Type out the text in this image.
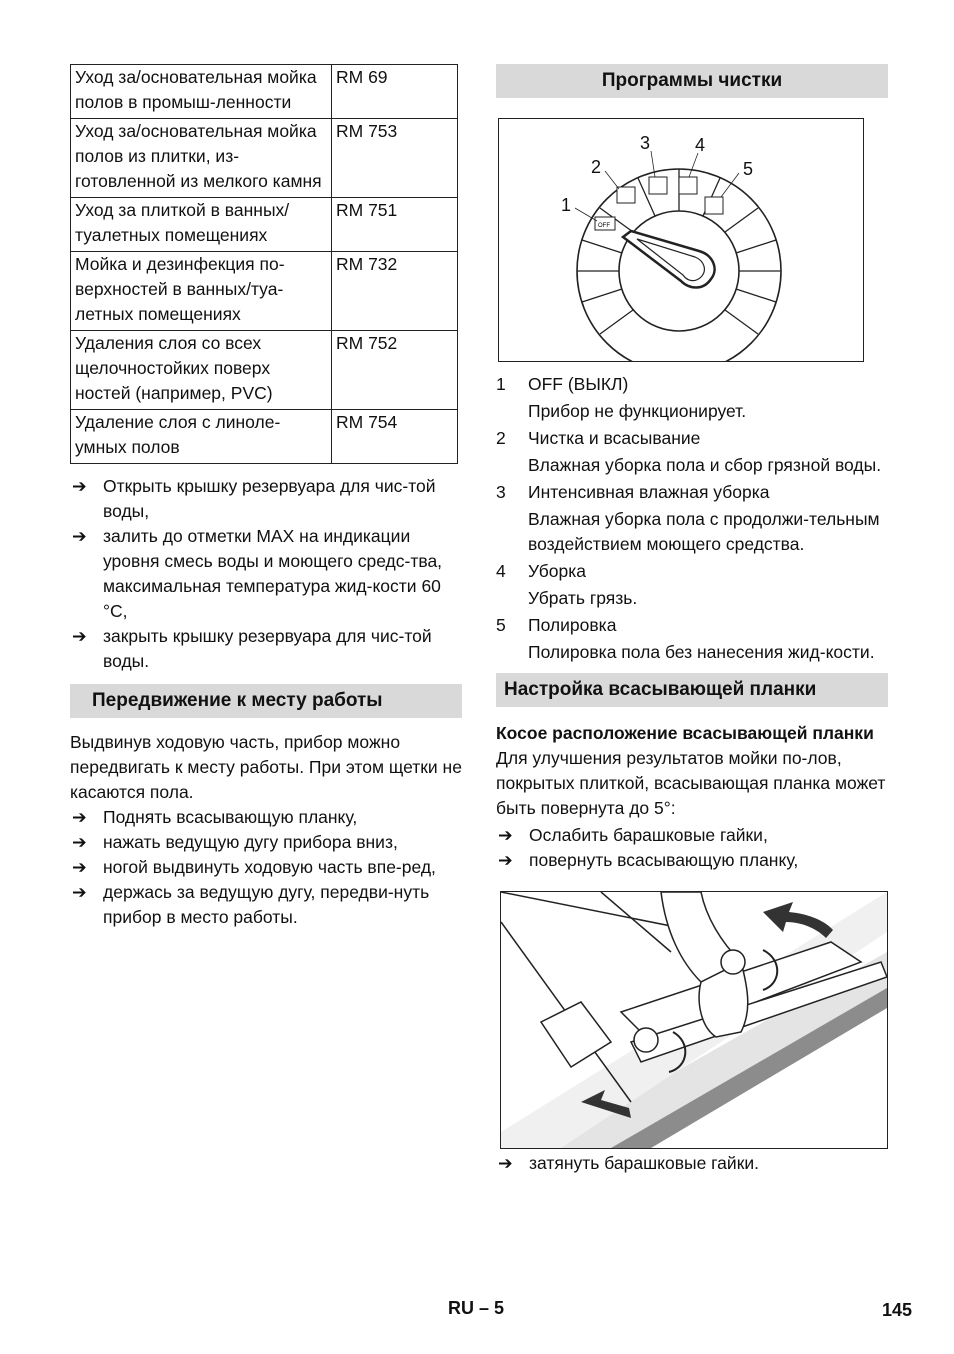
Уход за/основательная мойка полов в промыш-ленности	RM 69
Уход за/основательная мойка полов из плитки, из-готовленной из мелкого камня	RM 753
Уход за плиткой в ванных/ туалетных помещениях	RM 751
Мойка и дезинфекция по-верхностей в ванных/туа-летных помещениях	RM 732
Удаления слоя со всех щелочностойких поверх ностей (например, PVC)	RM 752
Удаление слоя с линоле-умных полов	RM 754
➔ Открыть крышку резервуара для чис-той воды,
➔ залить до отметки MAX на индикации уровня смесь воды и моющего средс-тва, максимальная температура жид-кости 60 °C,
➔ закрыть крышку резервуара для чис-той воды.
Передвижение к месту работы

Выдвинув ходовую часть, прибор можно передвигать к месту работы. При этом щетки не касаются пола.

➔ Поднять всасывающую планку,
➔ нажать ведущую дугу прибора вниз,
➔ ногой выдвинуть ходовую часть впе-ред,
➔ держась за ведущую дугу, передви-нуть прибор в место работы.
Программы чистки
OFF
1
2
3 4
5
1 OFF (ВЫКЛ)

Прибор не функционирует.

2 Чистка и всасывание

Влажная уборка пола и сбор грязной воды.

3 Интенсивная влажная уборка

Влажная уборка пола с продолжи-тельным воздействием моющего средства.

4 Уборка

Убрать грязь.

5 Полировка

Полировка пола без нанесения жид-кости.

Настройка всасывающей планки

Косое расположение всасывающей планки

Для улучшения результатов мойки по-лов, покрытых плиткой, всасывающая планка может быть повернута до 5°:

➔ Ослабить барашковые гайки,
➔ повернуть всасывающую планку,
➔ затянуть барашковые гайки.
RU – 5	145
